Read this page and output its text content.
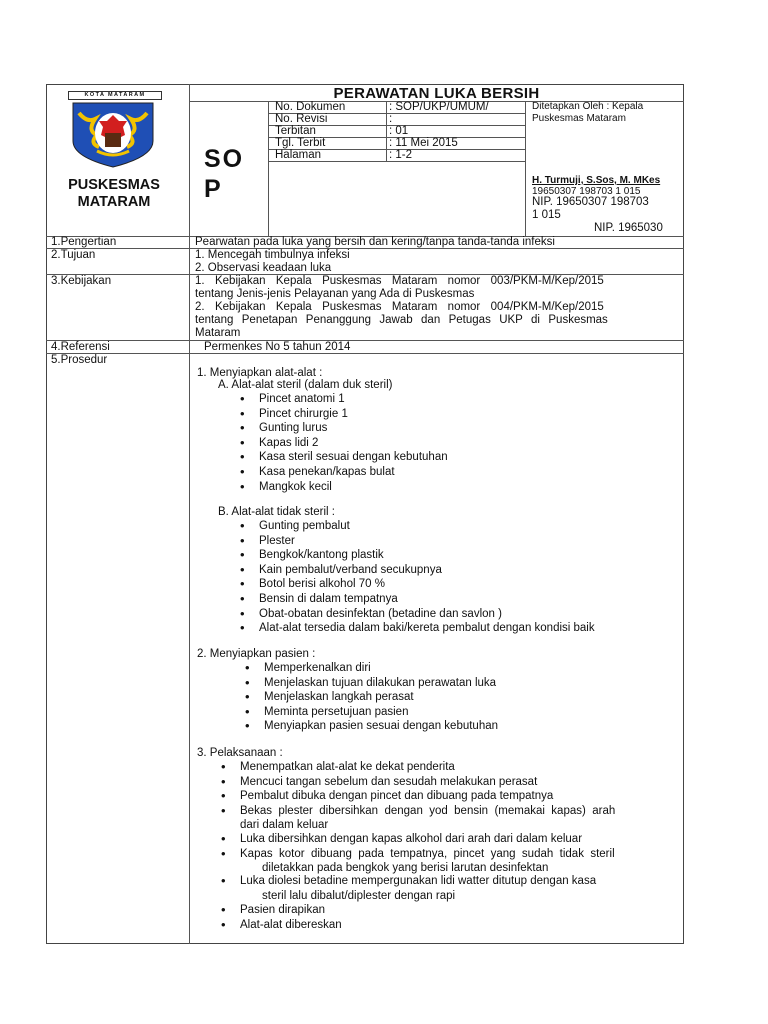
KOTA MATARAM
PUSKESMAS MATARAM
PERAWATAN LUKA BERSIH
SO P
No. Dokumen	: SOP/UKP/UMUM/
No. Revisi	:
Terbitan	: 01
Tgl. Terbit	: 11 Mei 2015
Halaman	: 1-2
Ditetapkan Oleh : Kepala
Puskesmas Mataram
H. Turmuji, S.Sos, M. MKes
19650307 198703 1 015
NIP. 19650307 198703
1 015
NIP. 1965030
1.Pengertian	Pearwatan pada luka yang bersih dan kering/tanpa tanda-tanda infeksi
2.Tujuan	1. Mencegah timbulnya infeksi
2. Observasi keadaan luka
3.Kebijakan	1.  Kebijakan  Kepala  Puskesmas  Mataram  nomor  003/PKM-M/Kep/2015
tentang Jenis-jenis Pelayanan yang Ada di Puskesmas
2.  Kebijakan  Kepala  Puskesmas  Mataram  nomor  004/PKM-M/Kep/2015
tentang  Penetapan  Penanggung  Jawab  dan  Petugas  UKP  di  Puskesmas
Mataram
4.Referensi	Permenkes No 5 tahun 2014
5.Prosedur
1. Menyiapkan alat-alat :
A. Alat-alat steril (dalam duk steril)
• Pincet anatomi 1
• Pincet chirurgie 1
• Gunting lurus
• Kapas lidi 2
• Kasa steril sesuai dengan kebutuhan
• Kasa penekan/kapas bulat
• Mangkok kecil
B. Alat-alat tidak steril :
• Gunting pembalut
• Plester
• Bengkok/kantong plastik
• Kain pembalut/verband secukupnya
• Botol berisi alkohol 70 %
• Bensin di dalam tempatnya
• Obat-obatan desinfektan (betadine dan savlon )
• Alat-alat tersedia dalam baki/kereta pembalut dengan kondisi baik
2. Menyiapkan pasien :
• Memperkenalkan diri
• Menjelaskan tujuan dilakukan perawatan luka
• Menjelaskan langkah perasat
• Meminta persetujuan pasien
• Menyiapkan pasien sesuai dengan kebutuhan
3. Pelaksanaan :
• Menempatkan alat-alat ke dekat penderita
• Mencuci tangan sebelum dan sesudah melakukan perasat
• Pembalut dibuka dengan pincet dan dibuang pada tempatnya
• Bekas  plester  dibersihkan  dengan  yod  bensin  (memakai  kapas)  arah
dari dalam keluar
• Luka dibersihkan dengan kapas alkohol dari arah dari dalam keluar
• Kapas  kotor  dibuang  pada  tempatnya,  pincet  yang  sudah  tidak  steril
diletakkan pada bengkok yang berisi larutan desinfektan
• Luka diolesi betadine mempergunakan lidi watter ditutup dengan kasa
steril lalu dibalut/diplester dengan rapi
• Pasien dirapikan
• Alat-alat dibereskan
